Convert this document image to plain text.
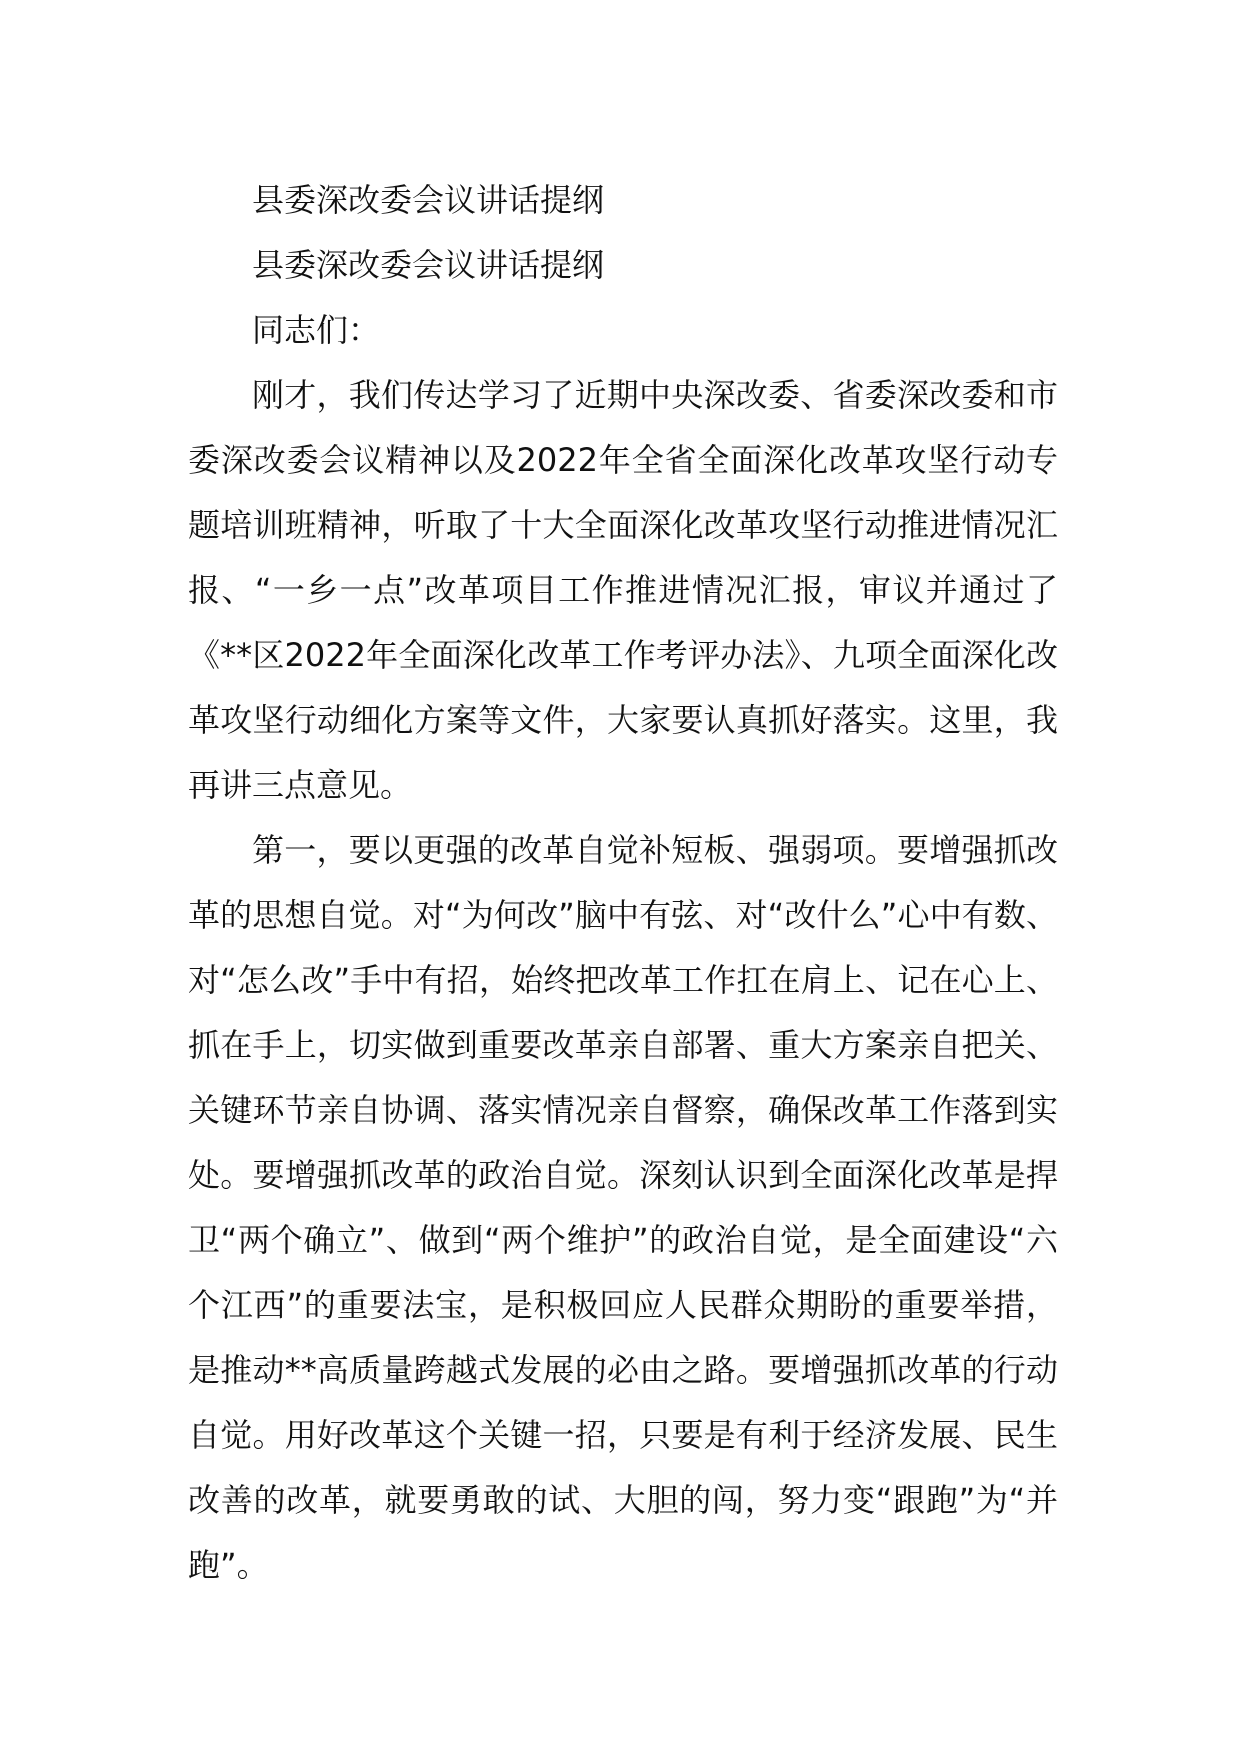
县委深改委会议讲话提纲

县委深改委会议讲话提纲

同志们：

刚才，我们传达学习了近期中央深改委、省委深改委和市委深改委会议精神以及2022年全省全面深化改革攻坚行动专题培训班精神，听取了十大全面深化改革攻坚行动推进情况汇报、“一乡一点”改革项目工作推进情况汇报，审议并通过了《**区2022年全面深化改革工作考评办法》、九项全面深化改革攻坚行动细化方案等文件，大家要认真抓好落实。这里，我再讲三点意见。

第一，要以更强的改革自觉补短板、强弱项。要增强抓改革的思想自觉。对“为何改”脑中有弦、对“改什么”心中有数、对“怎么改”手中有招，始终把改革工作扛在肩上、记在心上、抓在手上，切实做到重要改革亲自部署、重大方案亲自把关、关键环节亲自协调、落实情况亲自督察，确保改革工作落到实处。要增强抓改革的政治自觉。深刻认识到全面深化改革是捍卫“两个确立”、做到“两个维护”的政治自觉，是全面建设“六个江西”的重要法宝，是积极回应人民群众期盼的重要举措，是推动**高质量跨越式发展的必由之路。要增强抓改革的行动自觉。用好改革这个关键一招，只要是有利于经济发展、民生改善的改革，就要勇敢的试、大胆的闯，努力变“跟跑”为“并跑”。
